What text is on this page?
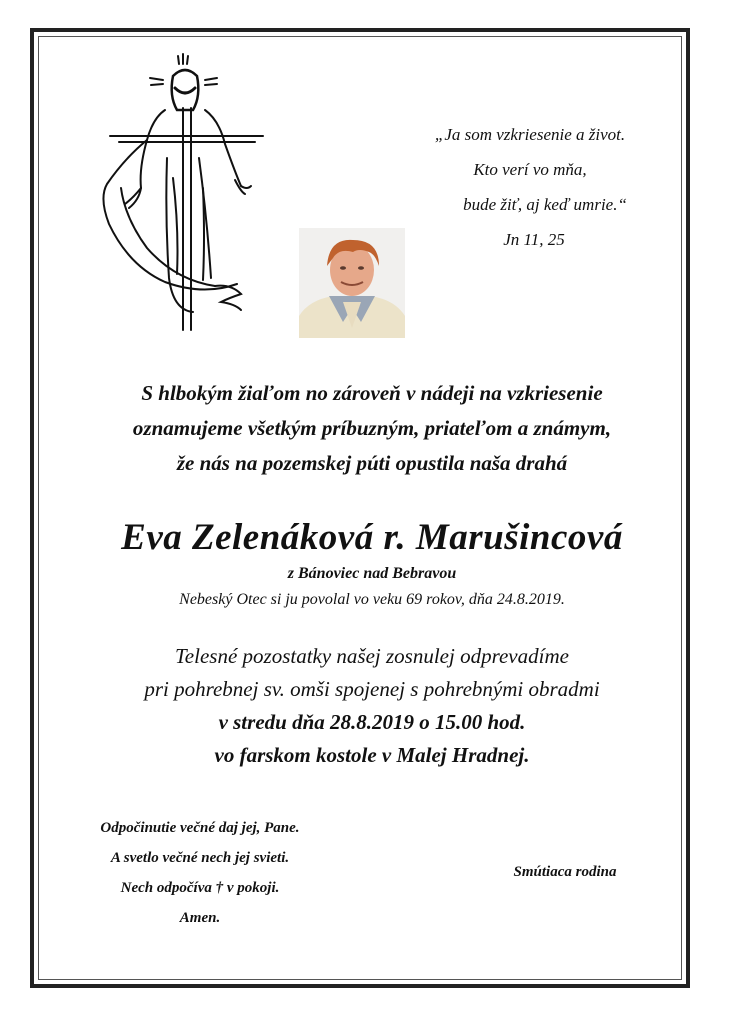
„Ja som vzkriesenie a život.
Kto verí vo mňa,
bude žiť, aj keď umrie.“
Jn 11, 25
S hlbokým žiaľom no zároveň v nádeji na vzkriesenie
oznamujeme všetkým príbuzným, priateľom a známym,
že nás na pozemskej púti opustila naša drahá
Eva Zelenáková r. Marušincová
z Bánoviec nad Bebravou
Nebeský Otec si ju povolal vo veku 69 rokov, dňa 24.8.2019.
Telesné pozostatky našej zosnulej odprevadíme
pri pohrebnej sv. omši spojenej s pohrebnými obradmi
v stredu dňa 28.8.2019 o 15.00 hod.
vo farskom kostole v Malej Hradnej.
Odpočinutie večné daj jej, Pane.
A svetlo večné nech jej svieti.
Nech odpočíva † v pokoji.
Amen.
Smútiaca rodina
